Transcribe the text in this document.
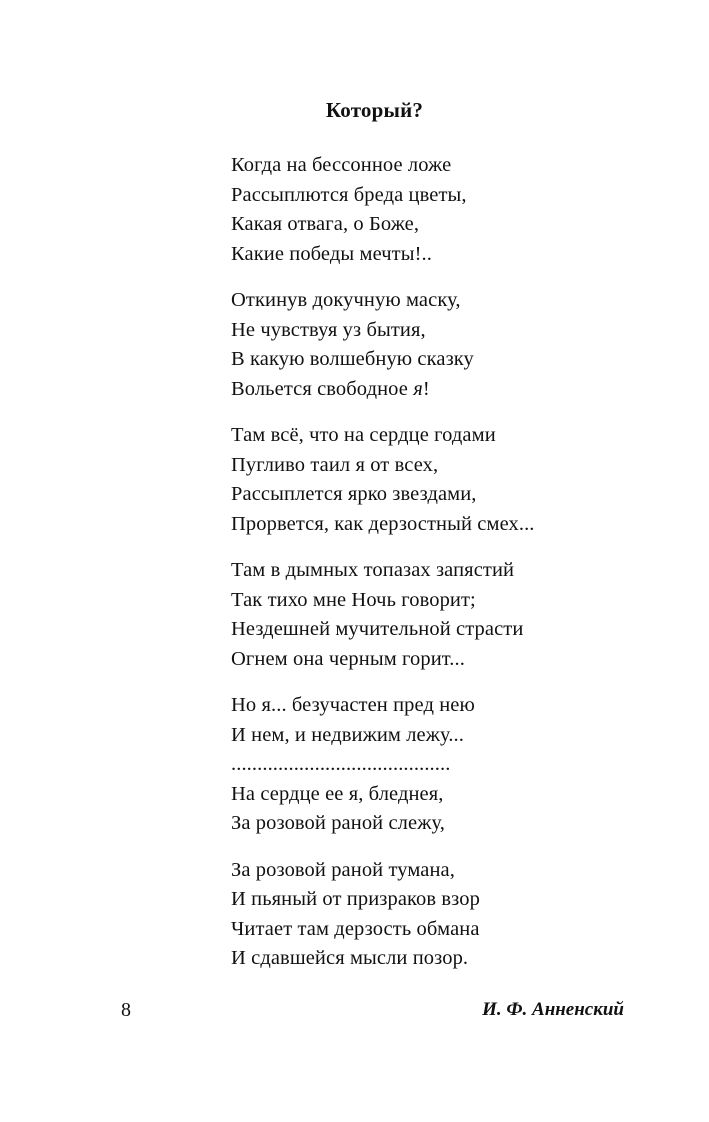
Который?
Когда на бессонное ложе
Рассыплются бреда цветы,
Какая отвага, о Боже,
Какие победы мечты!..
Откинув докучную маску,
Не чувствуя уз бытия,
В какую волшебную сказку
Вольется свободное я!
Там всё, что на сердце годами
Пугливо таил я от всех,
Рассыплется ярко звездами,
Прорвется, как дерзостный смех...
Там в дымных топазах запястий
Так тихо мне Ночь говорит;
Нездешней мучительной страсти
Огнем она черным горит...
Но я... безучастен пред нею
И нем, и недвижим лежу...
..........................................
На сердце ее я, бледнея,
За розовой раной слежу,
За розовой раной тумана,
И пьяный от призраков взор
Читает там дерзость обмана
И сдавшейся мысли позор.
8	И. Ф. Анненский
